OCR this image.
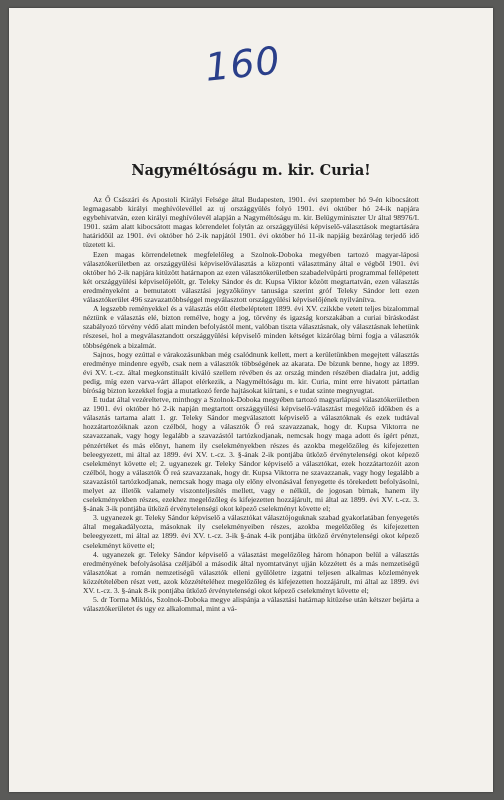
160
Nagyméltóságu m. kir. Curia!

Az Ő Császári és Apostoli Királyi Felsége által Budapesten, 1901. évi szeptember hó 9-én kibocsátott legmagasabb királyi meghívólevéllel az uj országgyülés folyó 1901. évi október hó 24-ik napjára egybehivatván, ezen királyi meghívólevél alapján a Nagyméltóságu m. kir. Belügyminiszter Ur által 98976/I. 1901. szám alatt kibocsátott magas körrendelet folytán az országgyülési képviselő-választások megtartására határidőül az 1901. évi október hó 2-ik napjától 1901. évi október hó 11-ik napjáig bezárólag terjedő idő tüzetett ki.

Ezen magas körrendeletnek megfelelőleg a Szolnok-Doboka megyében tartozó magyar-láposi választókerületben az országgyülési képviselőválasztás a központi választmány által e végből 1901. évi október hó 2-ik napjára kitüzött határnapon az ezen választókerületben szabadelvüpárti programmal fellépetett két országgyülési képviselőjelölt, gr. Teleky Sándor és dr. Kupsa Viktor között megtartatván, ezen választás eredményeként a bemutatott választási jegyzőkönyv tanusága szerint gróf Teleky Sándor lett ezen választókerület 496 szavazattöbbséggel megválasztott országgyülési képviselőjének nyilvánítva.

A legszebb reményekkel és a választás előtt életbeléptetett 1899. évi XV. czikkbe vetett teljes bizalommal néztünk e választás elé, bizton remélve, hogy a jog, törvény és igazság korszakában a curiai bíráskodást szabályozó törvény védő alatt minden befolyástól ment, valóban tiszta választásnak, oly választásnak lehetünk részesei, hol a megválasztandott országgyülési képviselő minden kétséget kizárólag bírni fogja a választók többségének a bizalmát.

Sajnos, hogy ezúttal e várakozásunkban még csalódnunk kellett, mert a kerületünkben megejtett választás eredménye mindenre egyéb, csak nem a választók többségének az akarata. De bízunk benne, hogy az 1899. évi XV. t.-cz. által megkonstituált kiváló szellem révében és az ország minden részében diadalra jut, addig pedig, míg ezen varva-várt állapot elérkezik, a Nagyméltóságu m. kir. Curia, mint erre hivatott pártatlan bíróság bizton kezekkel fogja a mutatkozó ferde hajtásokat kiírtani, s e tudat szinte megnyugtat.

E tudat által vezéreltetve, minthogy a Szolnok-Doboka megyében tartozó magyarlápusi választókerületben az 1901. évi október hó 2-ik napján megtartott országgyülési képviselő-választást megelőző időkben és a választás tartama alatt 1. gr. Teleky Sándor megválasztott képviselő a választóknak és ezek tudtával hozzátartozóiknak azon czélból, hogy a választók Ő reá szavazzanak, hogy dr. Kupsa Viktorra ne szavazzanak, vagy hogy legalább a szavazástól tartózkodjanak, nemcsak hogy maga adott és ígért pénzt, pénzértéket és más előnyt, hanem ily cselekményekben részes és azokba megelőzőleg és kifejezetten beleegyezett, mi által az 1899. évi XV. t.-cz. 3. §-ának 2-ik pontjába ütköző érvénytelenségi okot képező cselekményt követte el; 2. ugyanezek gr. Teleky Sándor képviselő a választókat, ezek hozzátartozóit azon czélból, hogy a választók Ő reá szavazzanak, hogy dr. Kupsa Viktorra ne szavazzanak, vagy hogy legalább a szavazástól tartózkodjanak, nemcsak hogy maga oly előny elvonásával fenyegette és törekedett befolyásolni, melyet az illetők valamely viszonteljesítés mellett, vagy e nélkül, de jogosan bírnak, hanem ily cselekményekben részes, ezekhez megelőzőleg és kifejezetten hozzájárult, mi által az 1899. évi XV. t.-cz. 3. §-ának 3-ik pontjába ütköző érvénytelenségi okot képező cselekményt követte el;

3. ugyanezek gr. Teleky Sándor képviselő a választókat választójoguknak szabad gyakorlatában fenyegetés által megakadályozta, másoknak ily cselekményeiben részes, azokba megelőzőleg és kifejezetten beleegyezett, mi által az 1899. évi XV. t.-cz. 3-ik §-ának 4-ik pontjába ütköző érvénytelenségi okot képező cselekményt követte el;

4. ugyanezek gr. Teleky Sándor képviselő a választást megelőzőleg három hónapon belül a választás eredményének befolyásolása czéljából a második által nyomtatványt ujján közzétett és a más nemzetiségű választókat a román nemzetiségű választók elleni gyűlöletre izgatni teljesen alkalmas közlemények közzétételében részt vett, azok közzétételéhez megelőzőleg és kifejezetten hozzájárult, mi által az 1899. évi XV. t.-cz. 3. §-ának 8-ik pontjába ütköző érvénytelenségi okot képező cselekményt követte el;

5. dr Torma Miklós, Szolnok-Doboka megye alispánja a választási határnap kitüzése után kétszer bejárta a választókerületet és ugy ez alkalommal, mint a vá-
